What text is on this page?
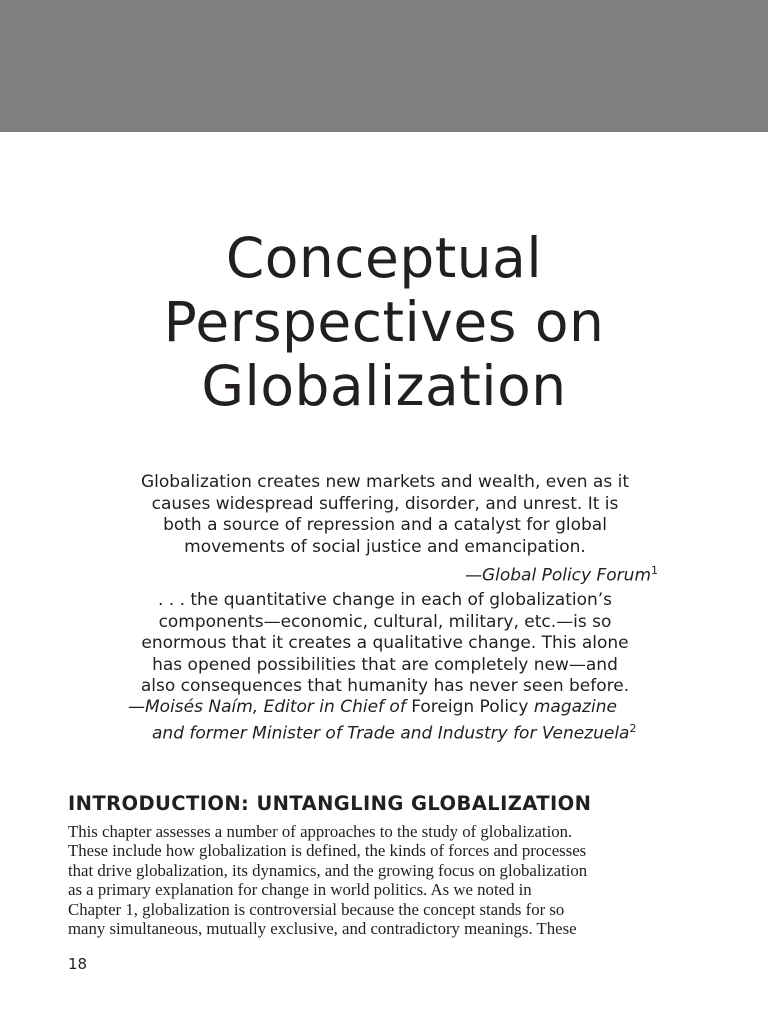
Conceptual
Perspectives on
Globalization
Globalization creates new markets and wealth, even as it
causes widespread suffering, disorder, and unrest. It is
both a source of repression and a catalyst for global
movements of social justice and emancipation.
—Global Policy Forum$^1$
. . . the quantitative change in each of globalization’s
components—economic, cultural, military, etc.—is so
enormous that it creates a qualitative change. This alone
has opened possibilities that are completely new—and
also consequences that humanity has never seen before.
—Moisés Naím, Editor in Chief of Foreign Policy magazine
and former Minister of Trade and Industry for Venezuela$^2$
INTRODUCTION: UNTANGLING GLOBALIZATION
This chapter assesses a number of approaches to the study of globalization.
These include how globalization is defined, the kinds of forces and processes
that drive globalization, its dynamics, and the growing focus on globalization
as a primary explanation for change in world politics. As we noted in
Chapter 1, globalization is controversial because the concept stands for so
many simultaneous, mutually exclusive, and contradictory meanings. These
18
